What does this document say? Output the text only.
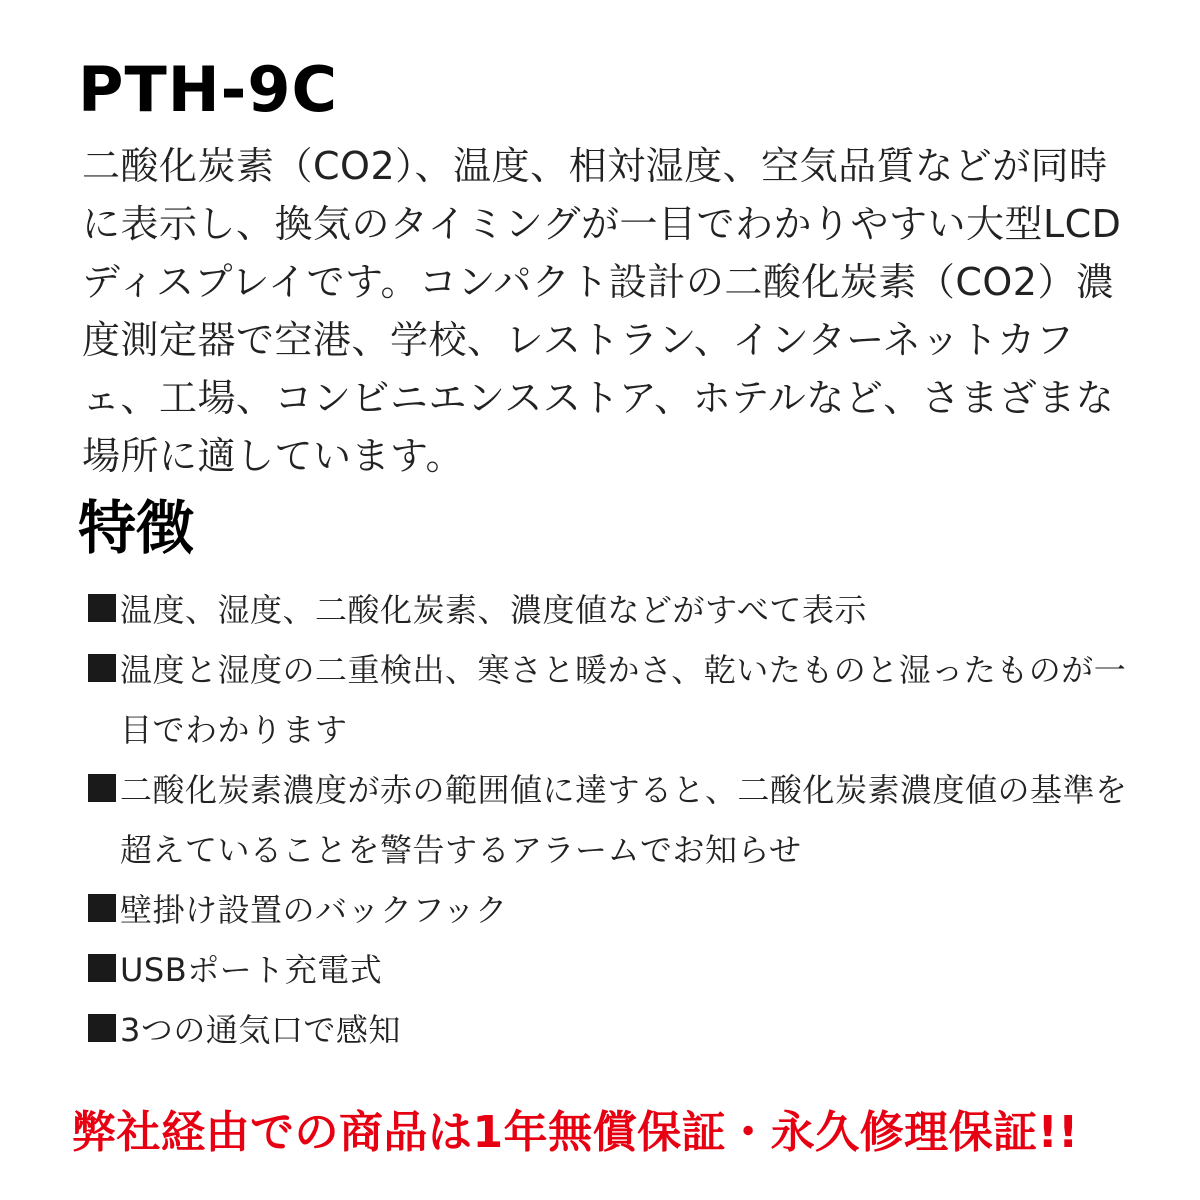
PTH-9C

二酸化炭素（CO2）、温度、相対湿度、空気品質などが同時に表示し、換気のタイミングが一目でわかりやすい大型LCDディスプレイです。コンパクト設計の二酸化炭素（CO2）濃度測定器で空港、学校、レストラン、インターネットカフェ、工場、コンビニエンスストア、ホテルなど、さまざまな場所に適しています。

特徴
温度、湿度、二酸化炭素、濃度値などがすべて表示
温度と湿度の二重検出、寒さと暖かさ、乾いたものと湿ったものが一目でわかります
二酸化炭素濃度が赤の範囲値に達すると、二酸化炭素濃度値の基準を超えていることを警告するアラームでお知らせ
壁掛け設置のバックフック
USBポート充電式
3つの通気口で感知

弊社経由での商品は1年無償保証・永久修理保証!!
